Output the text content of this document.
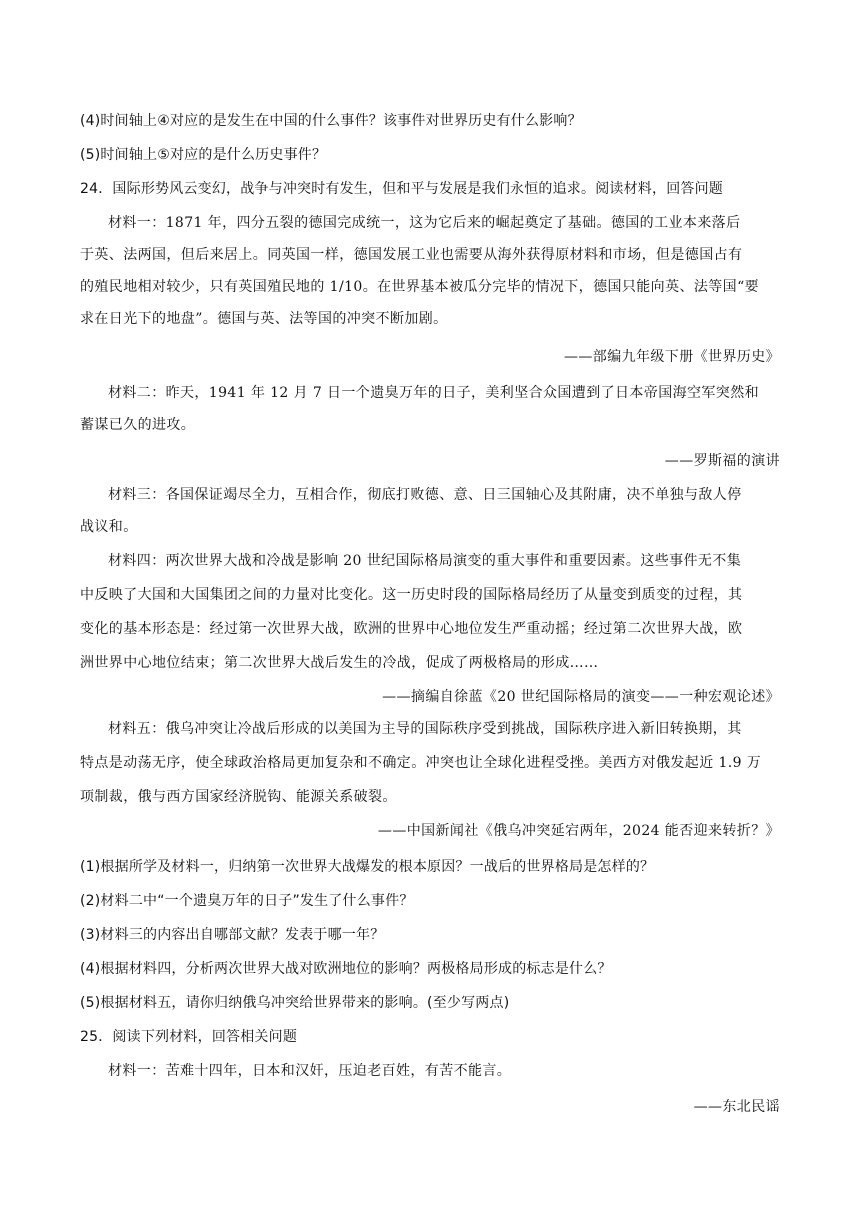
(4)时间轴上④对应的是发生在中国的什么事件？该事件对世界历史有什么影响？
(5)时间轴上⑤对应的是什么历史事件？
24．国际形势风云变幻，战争与冲突时有发生，但和平与发展是我们永恒的追求。阅读材料，回答问题
材料一：1871 年，四分五裂的德国完成统一，这为它后来的崛起奠定了基础。德国的工业本来落后
于英、法两国，但后来居上。同英国一样，德国发展工业也需要从海外获得原材料和市场，但是德国占有
的殖民地相对较少，只有英国殖民地的 1/10。在世界基本被瓜分完毕的情况下，德国只能向英、法等国“要
求在日光下的地盘”。德国与英、法等国的冲突不断加剧。
——部编九年级下册《世界历史》
材料二：昨天，1941 年 12 月 7 日一个遗臭万年的日子，美利坚合众国遭到了日本帝国海空军突然和
蓄谋已久的进攻。
——罗斯福的演讲
材料三：各国保证竭尽全力，互相合作，彻底打败德、意、日三国轴心及其附庸，决不单独与敌人停
战议和。
材料四：两次世界大战和冷战是影响 20 世纪国际格局演变的重大事件和重要因素。这些事件无不集
中反映了大国和大国集团之间的力量对比变化。这一历史时段的国际格局经历了从量变到质变的过程，其
变化的基本形态是：经过第一次世界大战，欧洲的世界中心地位发生严重动摇；经过第二次世界大战，欧
洲世界中心地位结束；第二次世界大战后发生的冷战，促成了两极格局的形成……
——摘编自徐蓝《20 世纪国际格局的演变——一种宏观论述》
材料五：俄乌冲突让冷战后形成的以美国为主导的国际秩序受到挑战，国际秩序进入新旧转换期，其
特点是动荡无序，使全球政治格局更加复杂和不确定。冲突也让全球化进程受挫。美西方对俄发起近 1.9 万
项制裁，俄与西方国家经济脱钩、能源关系破裂。
——中国新闻社《俄乌冲突延宕两年，2024 能否迎来转折？》
(1)根据所学及材料一，归纳第一次世界大战爆发的根本原因？一战后的世界格局是怎样的？
(2)材料二中“一个遗臭万年的日子”发生了什么事件？
(3)材料三的内容出自哪部文献？发表于哪一年？
(4)根据材料四，分析两次世界大战对欧洲地位的影响？两极格局形成的标志是什么？
(5)根据材料五，请你归纳俄乌冲突给世界带来的影响。(至少写两点)
25．阅读下列材料，回答相关问题
材料一：苦难十四年，日本和汉奸，压迫老百姓，有苦不能言。
——东北民谣
